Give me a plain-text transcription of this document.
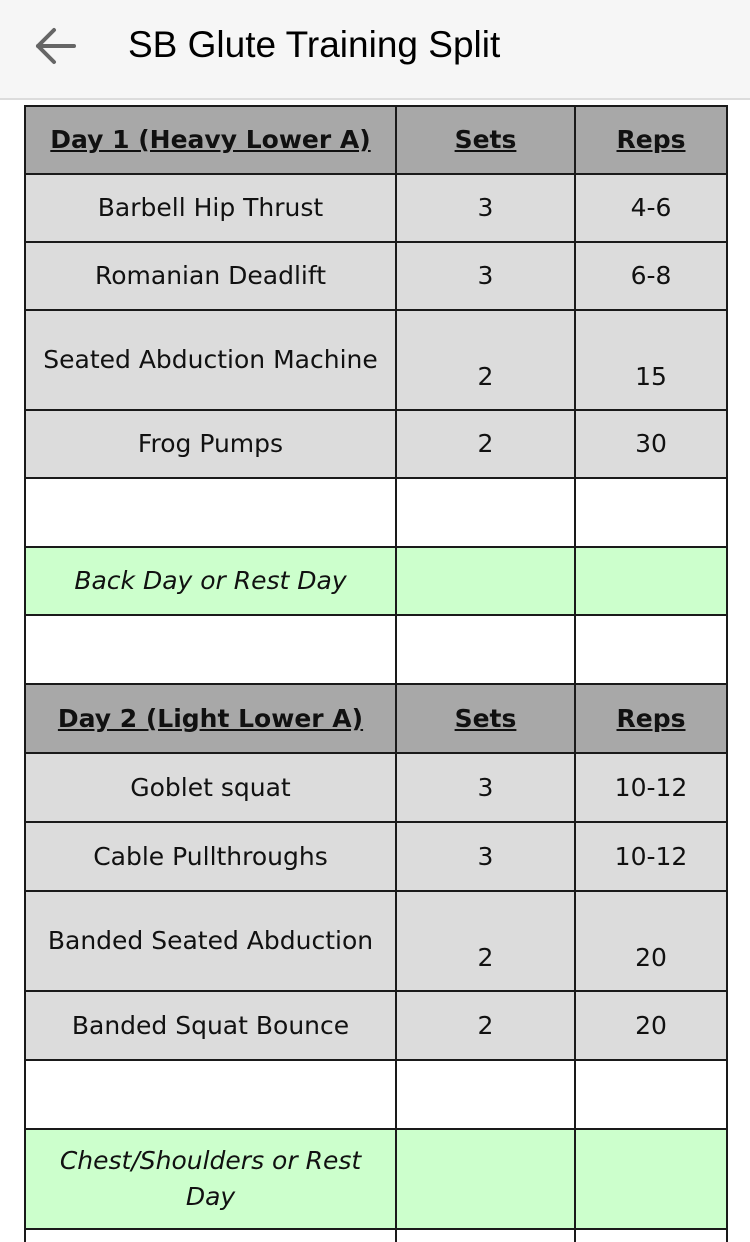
SB Glute Training Split
Day 1 (Heavy Lower A)	Sets	Reps
Barbell Hip Thrust	3	4-6
Romanian Deadlift	3	6-8
Seated Abduction Machine	2	15
Frog Pumps	2	30

Back Day or Rest Day		

Day 2 (Light Lower A)	Sets	Reps
Goblet squat	3	10-12
Cable Pullthroughs	3	10-12
Banded Seated Abduction	2	20
Banded Squat Bounce	2	20

Chest/Shoulders or Rest Day		
